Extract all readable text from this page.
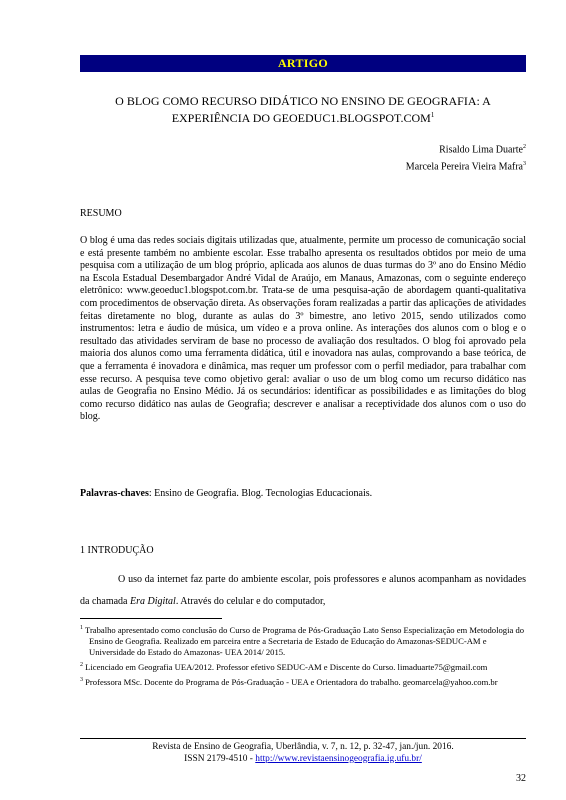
ARTIGO
O BLOG COMO RECURSO DIDÁTICO NO ENSINO DE GEOGRAFIA: A
EXPERIÊNCIA DO GEOEDUC1.BLOGSPOT.COM$^1$
Risaldo Lima Duarte$^2$
Marcela Pereira Vieira Mafra$^3$
RESUMO

O blog é uma das redes sociais digitais utilizadas que, atualmente, permite um processo de comunicação social e está presente também no ambiente escolar. Esse trabalho apresenta os resultados obtidos por meio de uma pesquisa com a utilização de um blog próprio, aplicada aos alunos de duas turmas do 3º ano do Ensino Médio na Escola Estadual Desembargador André Vidal de Araújo, em Manaus, Amazonas, com o seguinte endereço eletrônico: www.geoeduc1.blogspot.com.br. Trata-se de uma pesquisa-ação de abordagem quanti-qualitativa com procedimentos de observação direta. As observações foram realizadas a partir das aplicações de atividades feitas diretamente no blog, durante as aulas do 3º bimestre, ano letivo 2015, sendo utilizados como instrumentos: letra e áudio de música, um vídeo e a prova online. As interações dos alunos com o blog e o resultado das atividades serviram de base no processo de avaliação dos resultados. O blog foi aprovado pela maioria dos alunos como uma ferramenta didática, útil e inovadora nas aulas, comprovando a base teórica, de que a ferramenta é inovadora e dinâmica, mas requer um professor com o perfil mediador, para trabalhar com esse recurso. A pesquisa teve como objetivo geral: avaliar o uso de um blog como um recurso didático nas aulas de Geografia no Ensino Médio. Já os secundários: identificar as possibilidades e as limitações do blog como recurso didático nas aulas de Geografia; descrever e analisar a receptividade dos alunos com o uso do blog.

Palavras-chaves: Ensino de Geografia. Blog. Tecnologias Educacionais.

1 INTRODUÇÃO

O uso da internet faz parte do ambiente escolar, pois professores e alunos acompanham as novidades da chamada Era Digital. Através do celular e do computador,

$^1$ Trabalho apresentado como conclusão do Curso de Programa de Pós-Graduação Lato Senso Especialização em Metodologia do Ensino de Geografia. Realizado em parceira entre a Secretaria de Estado de Educação do Amazonas-SEDUC-AM e Universidade do Estado do Amazonas- UEA 2014/ 2015.
$^2$ Licenciado em Geografia UEA/2012. Professor efetivo SEDUC-AM e Discente do Curso. limaduarte75@gmail.com
$^3$ Professora MSc. Docente do Programa de Pós-Graduação - UEA e Orientadora do trabalho. geomarcela@yahoo.com.br
Revista de Ensino de Geografia, Uberlândia, v. 7, n. 12, p. 32-47, jan./jun. 2016.
ISSN 2179-4510 - http://www.revistaensinogeografia.ig.ufu.br/
32
